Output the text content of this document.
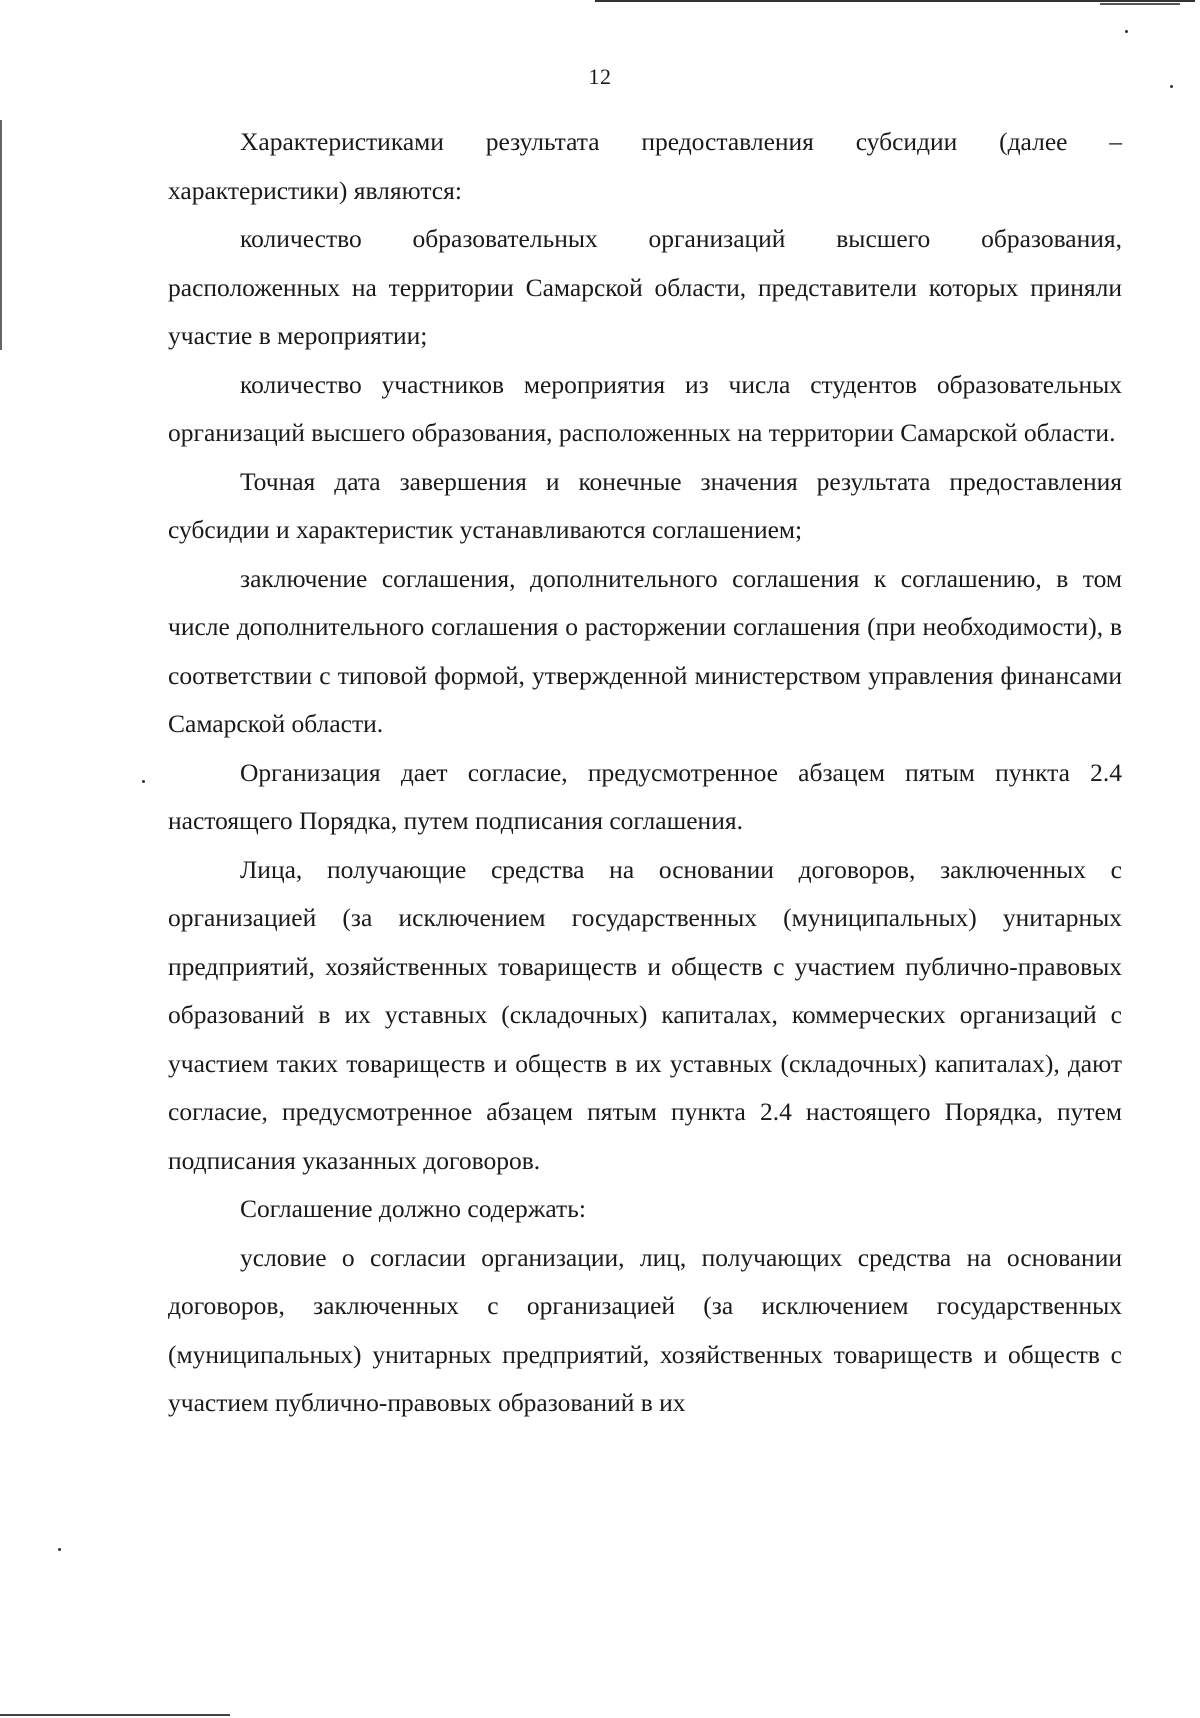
12

Характеристиками результата предоставления субсидии (далее – характеристики) являются:

количество образовательных организаций высшего образования, расположенных на территории Самарской области, представители которых приняли участие в мероприятии;

количество участников мероприятия из числа студентов образовательных организаций высшего образования, расположенных на территории Самарской области.

Точная дата завершения и конечные значения результата предоставления субсидии и характеристик устанавливаются соглашением;

заключение соглашения, дополнительного соглашения к соглашению, в том числе дополнительного соглашения о расторжении соглашения (при необходимости), в соответствии с типовой формой, утвержденной министерством управления финансами Самарской области.

Организация дает согласие, предусмотренное абзацем пятым пункта 2.4 настоящего Порядка, путем подписания соглашения.

Лица, получающие средства на основании договоров, заключенных с организацией (за исключением государственных (муниципальных) унитарных предприятий, хозяйственных товариществ и обществ с участием публично-правовых образований в их уставных (складочных) капиталах, коммерческих организаций с участием таких товариществ и обществ в их уставных (складочных) капиталах), дают согласие, предусмотренное абзацем пятым пункта 2.4 настоящего Порядка, путем подписания указанных договоров.

Соглашение должно содержать:

условие о согласии организации, лиц, получающих средства на основании договоров, заключенных с организацией (за исключением государственных (муниципальных) унитарных предприятий, хозяйственных товариществ и обществ с участием публично-правовых образований в их
